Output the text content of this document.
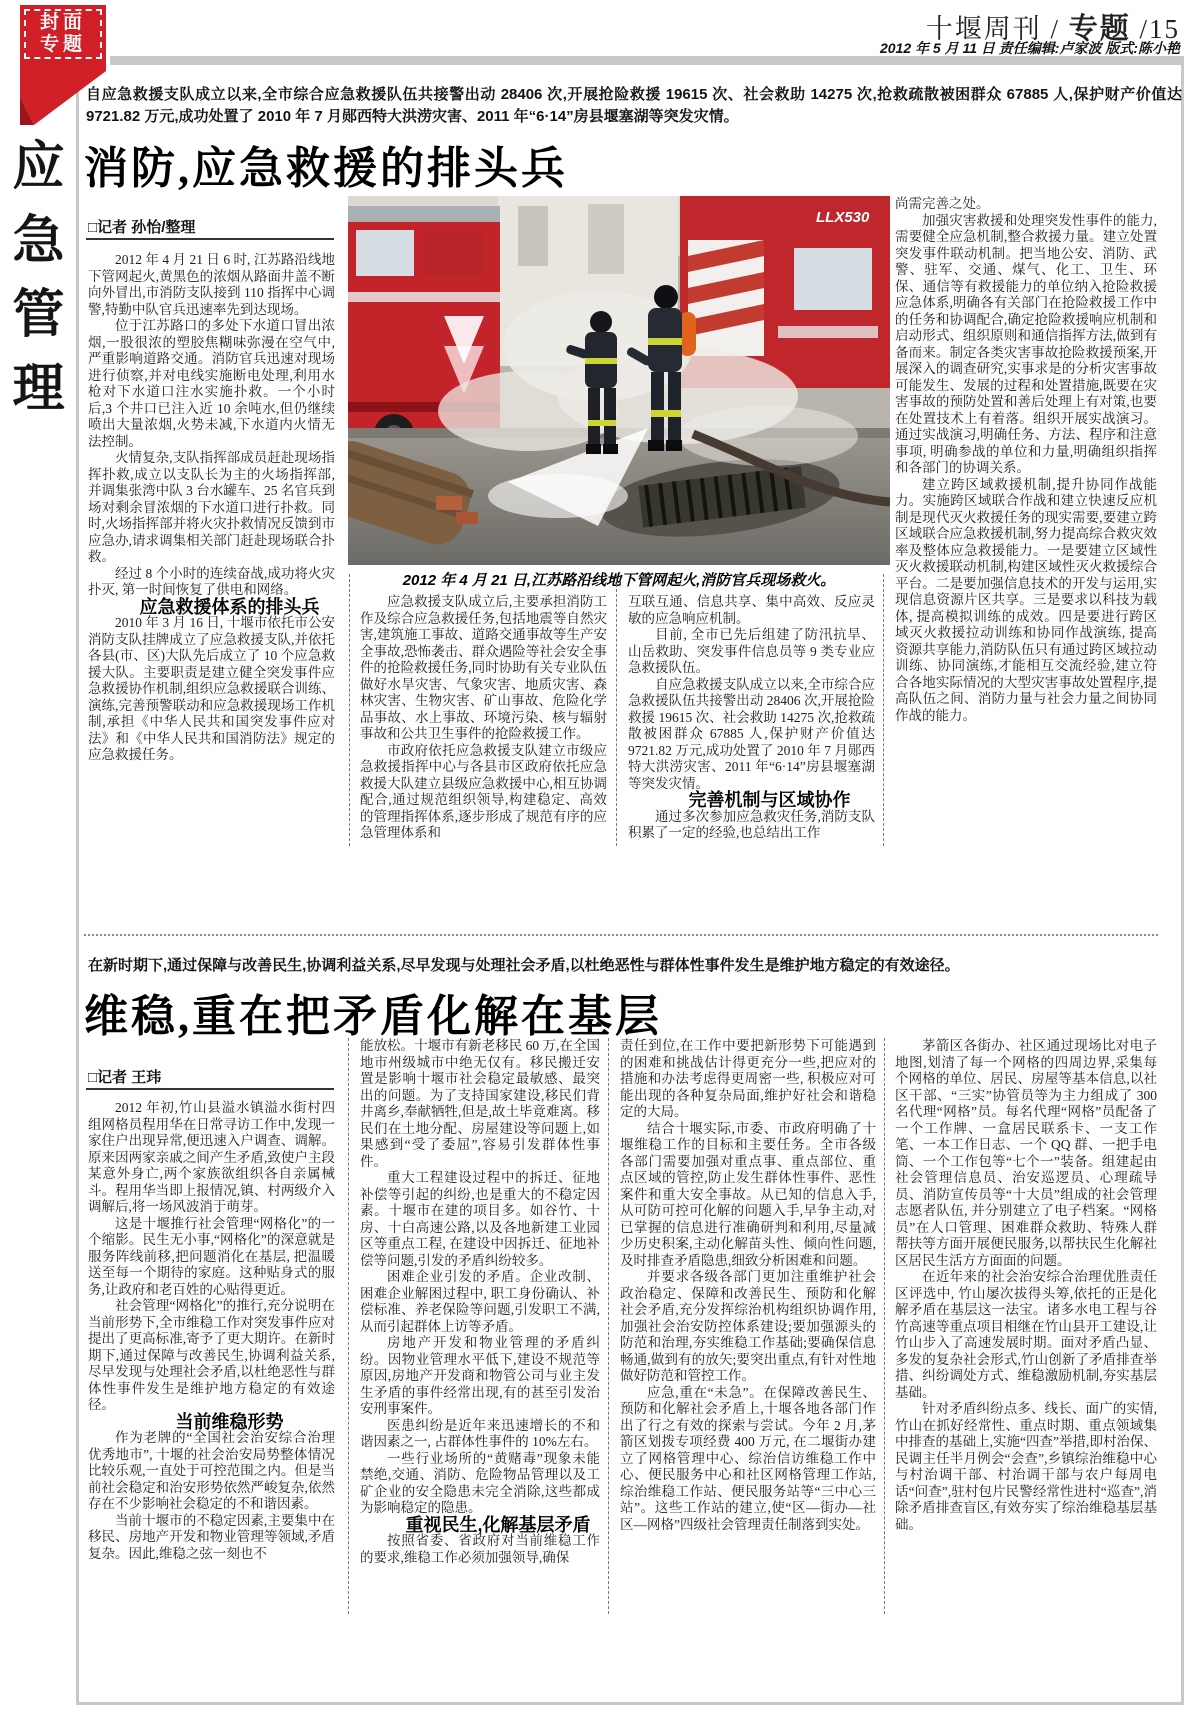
十堰周刊 / 专题 /15
2012 年 5 月 11 日 责任编辑:卢家波 版式:陈小艳
封面
专题
应急管理
自应急救援支队成立以来,全市综合应急救援队伍共接警出动 28406 次,开展抢险救援 19615 次、社会救助 14275 次,抢救疏散被困群众 67885 人,保护财产价值达 9721.82 万元,成功处置了 2010 年 7 月郧西特大洪涝灾害、2011 年“6·14”房县堰塞湖等突发灾情。
消防,应急救援的排头兵
□记者 孙怡/整理

2012 年 4 月 21 日 6 时, 江苏路沿线地下管网起火,黄黑色的浓烟从路面井盖不断向外冒出,市消防支队接到 110 指挥中心调警,特勤中队官兵迅速率先到达现场。

位于江苏路口的多处下水道口冒出浓烟,一股很浓的塑胶焦糊味弥漫在空气中,严重影响道路交通。消防官兵迅速对现场进行侦察,并对电线实施断电处理,利用水枪对下水道口注水实施扑救。一个小时后,3 个井口已注入近 10 余吨水,但仍继续喷出大量浓烟,火势未减,下水道内火情无法控制。

火情复杂,支队指挥部成员赶赴现场指挥扑救,成立以支队长为主的火场指挥部, 并调集张湾中队 3 台水罐车、25 名官兵到场对剩余冒浓烟的下水道口进行扑救。同时,火场指挥部并将火灾扑救情况反馈到市应急办,请求调集相关部门赶赴现场联合扑救。

经过 8 个小时的连续奋战,成功将火灾扑灭, 第一时间恢复了供电和网络。

应急救援体系的排头兵

2010 年 3 月 16 日, 十堰市依托市公安消防支队挂牌成立了应急救援支队,并依托各县(市、区)大队先后成立了 10 个应急救援大队。主要职责是建立健全突发事件应急救援协作机制,组织应急救援联合训练、演练,完善预警联动和应急救援现场工作机制,承担《中华人民共和国突发事件应对法》和《中华人民共和国消防法》规定的应急救援任务。

LLX530
2012 年 4 月 21 日,江苏路沿线地下管网起火,消防官兵现场救火。

应急救援支队成立后,主要承担消防工作及综合应急救援任务,包括地震等自然灾害,建筑施工事故、道路交通事故等生产安全事故,恐怖袭击、群众遇险等社会安全事件的抢险救援任务,同时协助有关专业队伍做好水旱灾害、气象灾害、地质灾害、森林灾害、生物灾害、矿山事故、危险化学品事故、水上事故、环境污染、核与辐射事故和公共卫生事件的抢险救援工作。

市政府依托应急救援支队建立市级应急救援指挥中心与各县市区政府依托应急救援大队建立县级应急救援中心,相互协调配合,通过规范组织领导,构建稳定、高效的管理指挥体系,逐步形成了规范有序的应急管理体系和

互联互通、信息共享、集中高效、反应灵敏的应急响应机制。

目前, 全市已先后组建了防汛抗旱、山岳救助、突发事件信息员等 9 类专业应急救援队伍。

自应急救援支队成立以来,全市综合应急救援队伍共接警出动 28406 次,开展抢险救援 19615 次、社会救助 14275 次,抢救疏散被困群众 67885 人,保护财产价值达 9721.82 万元,成功处置了 2010 年 7 月郧西特大洪涝灾害、2011 年“6·14”房县堰塞湖等突发灾情。

完善机制与区域协作

通过多次参加应急救灾任务,消防支队积累了一定的经验,也总结出工作

尚需完善之处。

加强灾害救援和处理突发性事件的能力,需要健全应急机制,整合救援力量。建立处置突发事件联动机制。把当地公安、消防、武警、驻军、交通、煤气、化工、卫生、环保、通信等有救援能力的单位纳入抢险救援应急体系,明确各有关部门在抢险救援工作中的任务和协调配合,确定抢险救援响应机制和启动形式、组织原则和通信指挥方法,做到有备而来。制定各类灾害事故抢险救援预案,开展深入的调查研究,实事求是的分析灾害事故可能发生、发展的过程和处置措施,既要在灾害事故的预防处置和善后处理上有对策,也要在处置技术上有着落。组织开展实战演习。通过实战演习,明确任务、方法、程序和注意事项, 明确参战的单位和力量,明确组织指挥和各部门的协调关系。

建立跨区域救援机制,提升协同作战能力。实施跨区域联合作战和建立快速反应机制是现代灭火救援任务的现实需要,要建立跨区域联合应急救援机制,努力提高综合救灾效率及整体应急救援能力。一是要建立区域性灭火救援联动机制,构建区域性灭火救援综合平台。二是要加强信息技术的开发与运用,实现信息资源片区共享。三是要求以科技为载体, 提高模拟训练的成效。四是要进行跨区域灭火救援拉动训练和协同作战演练, 提高资源共享能力,消防队伍只有通过跨区域拉动训练、协同演练,才能相互交流经验,建立符合各地实际情况的大型灾害事故处置程序,提高队伍之间、消防力量与社会力量之间协同作战的能力。

在新时期下,通过保障与改善民生,协调利益关系,尽早发现与处理社会矛盾,以杜绝恶性与群体性事件发生是维护地方稳定的有效途径。
维稳,重在把矛盾化解在基层
□记者 王玮

2012 年初,竹山县溢水镇溢水街村四组网格员程用华在日常寻访工作中,发现一家住户出现异常,便迅速入户调查、调解。原来因两家亲戚之间产生矛盾,致使户主段某意外身亡,两个家族欲组织各自亲属械斗。程用华当即上报情况,镇、村两级介入调解后,将一场风波消于萌芽。

这是十堰推行社会管理“网格化”的一个缩影。民生无小事,“网格化”的深意就是服务阵线前移,把问题消化在基层, 把温暖送至每一个期待的家庭。这种贴身式的服务,让政府和老百姓的心贴得更近。

社会管理“网格化”的推行,充分说明在当前形势下,全市维稳工作对突发事件应对提出了更高标准,寄予了更大期许。在新时期下,通过保障与改善民生,协调利益关系,尽早发现与处理社会矛盾,以杜绝恶性与群体性事件发生是维护地方稳定的有效途径。

当前维稳形势

作为老牌的“全国社会治安综合治理优秀地市”, 十堰的社会治安局势整体情况比较乐观,一直处于可控范围之内。但是当前社会稳定和治安形势依然严峻复杂,依然存在不少影响社会稳定的不和谐因素。

当前十堰市的不稳定因素,主要集中在移民、房地产开发和物业管理等领域,矛盾复杂。因此,维稳之弦一刻也不

能放松。十堰市有新老移民 60 万,在全国地市州级城市中绝无仅有。移民搬迁安置是影响十堰市社会稳定最敏感、最突出的问题。为了支持国家建设,移民们背井离乡,奉献牺牲,但是,故土毕竟难离。移民们在土地分配、房屋建设等问题上,如果感到“受了委屈”,容易引发群体性事件。

重大工程建设过程中的拆迁、征地补偿等引起的纠纷,也是重大的不稳定因素。十堰市在建的项目多。如谷竹、十房、十白高速公路,以及各地新建工业园区等重点工程, 在建设中因拆迁、征地补偿等问题,引发的矛盾纠纷较多。

困难企业引发的矛盾。企业改制、困难企业解困过程中, 职工身份确认、补偿标准、养老保险等问题,引发职工不满,从而引起群体上访等矛盾。

房地产开发和物业管理的矛盾纠纷。因物业管理水平低下,建设不规范等原因,房地产开发商和物管公司与业主发生矛盾的事件经常出现,有的甚至引发治安刑事案件。

医患纠纷是近年来迅速增长的不和谐因素之一, 占群体性事件的 10%左右。

一些行业场所的“黄赌毒”现象未能禁绝,交通、消防、危险物品管理以及工矿企业的安全隐患未完全消除,这些都成为影响稳定的隐患。

重视民生,化解基层矛盾

按照省委、省政府对当前维稳工作的要求,维稳工作必须加强领导,确保

责任到位,在工作中要把新形势下可能遇到的困难和挑战估计得更充分一些,把应对的措施和办法考虑得更周密一些, 积极应对可能出现的各种复杂局面,维护好社会和谐稳定的大局。

结合十堰实际,市委、市政府明确了十堰维稳工作的目标和主要任务。全市各级各部门需要加强对重点事、重点部位、重点区域的管控,防止发生群体性事件、恶性案件和重大安全事故。从已知的信息入手,从可防可控可化解的问题入手,早争主动,对已掌握的信息进行准确研判和利用,尽量减少历史积案,主动化解苗头性、倾向性问题,及时排查矛盾隐患,细致分析困难和问题。

并要求各级各部门更加注重维护社会政治稳定、保障和改善民生、预防和化解社会矛盾,充分发挥综治机构组织协调作用,加强社会治安防控体系建设;要加强源头的防范和治理,夯实维稳工作基础;要确保信息畅通,做到有的放矢;要突出重点,有针对性地做好防范和管控工作。

应急,重在“未急”。在保障改善民生、预防和化解社会矛盾上,十堰各地各部门作出了行之有效的探索与尝试。今年 2 月,茅箭区划拨专项经费 400 万元, 在二堰街办建立了网格管理中心、综治信访维稳工作中心、便民服务中心和社区网格管理工作站,综治维稳工作站、便民服务站等“三中心三站”。这些工作站的建立,使“区—街办—社区—网格”四级社会管理责任制落到实处。

茅箭区各街办、社区通过现场比对电子地图,划清了每一个网格的四周边界,采集每个网格的单位、居民、房屋等基本信息,以社区干部、“三实”协管员等为主力组成了 300 名代理“网格”员。每名代理“网格”员配备了一个工作牌、一盒居民联系卡、一支工作笔、一本工作日志、一个 QQ 群、一把手电筒、一个工作包等“七个一”装备。组建起由社会管理信息员、治安巡逻员、心理疏导员、消防宣传员等“十大员”组成的社会管理志愿者队伍, 并分别建立了电子档案。“网格员”在人口管理、困难群众救助、特殊人群帮扶等方面开展便民服务,以帮扶民生化解社区居民生活方方面面的问题。

在近年来的社会治安综合治理优胜责任区评选中, 竹山屡次拔得头筹,依托的正是化解矛盾在基层这一法宝。诸多水电工程与谷竹高速等重点项目相继在竹山县开工建设,让竹山步入了高速发展时期。面对矛盾凸显、多发的复杂社会形式,竹山创新了矛盾排查举措、纠纷调处方式、维稳激励机制,夯实基层基础。

针对矛盾纠纷点多、线长、面广的实情,竹山在抓好经常性、重点时期、重点领域集中排查的基础上,实施“四查”举措,即村治保、民调主任半月例会“会查”,乡镇综治维稳中心与村治调干部、村治调干部与农户每周电话“问查”,驻村包片民警经常性进村“巡查”,消除矛盾排查盲区,有效夯实了综治维稳基层基础。
